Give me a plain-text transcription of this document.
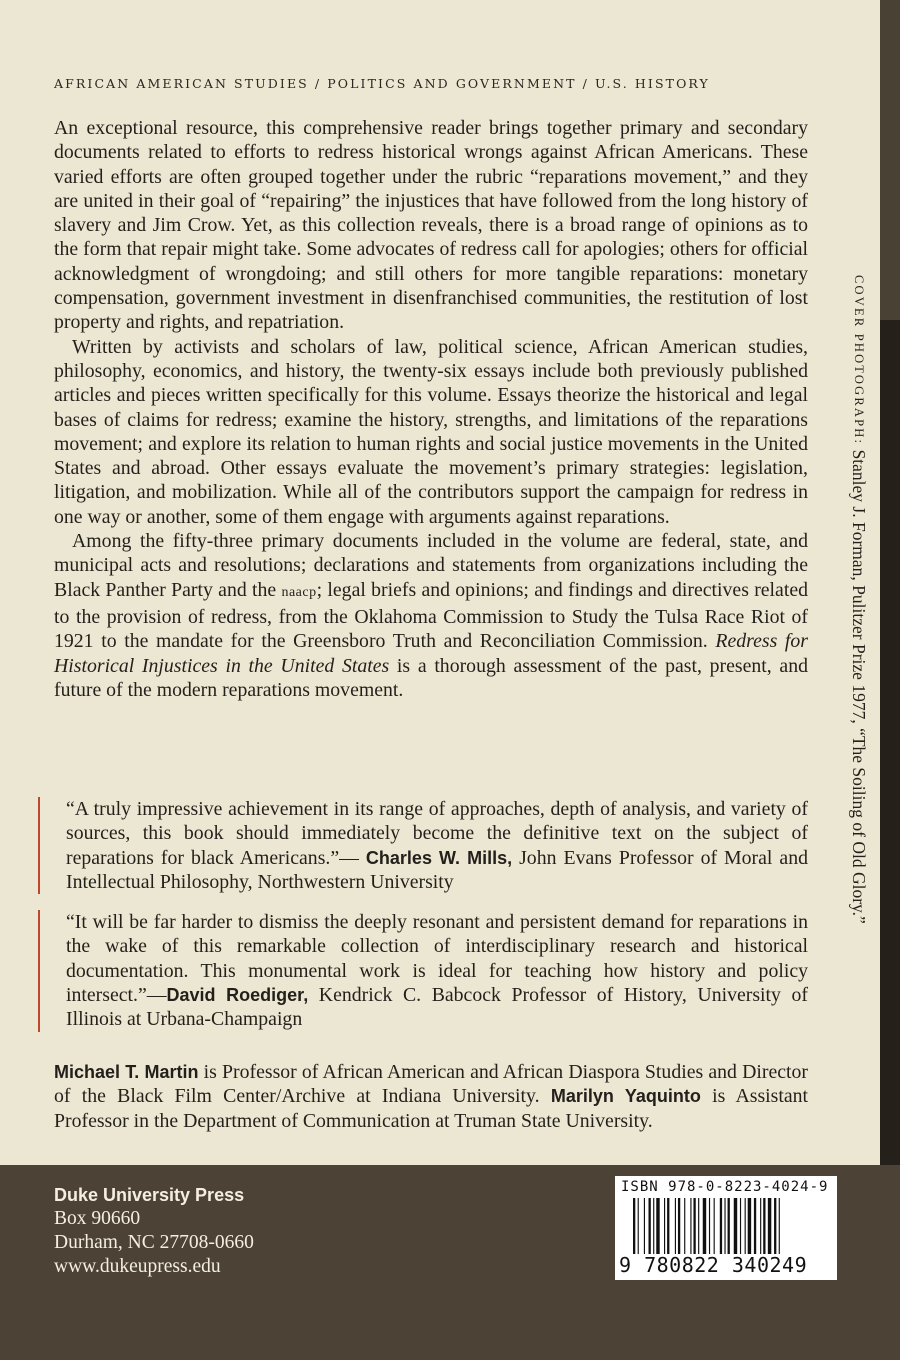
AFRICAN AMERICAN STUDIES / POLITICS AND GOVERNMENT / U.S. HISTORY

An exceptional resource, this comprehensive reader brings together primary and secondary documents related to efforts to redress historical wrongs against African Americans. These varied efforts are often grouped together under the rubric “reparations movement,” and they are united in their goal of “repairing” the injustices that have followed from the long history of slavery and Jim Crow. Yet, as this collection reveals, there is a broad range of opinions as to the form that repair might take. Some advocates of redress call for apologies; others for official acknowledgment of wrongdoing; and still others for more tangible reparations: monetary compensation, government investment in disenfranchised communities, the restitution of lost property and rights, and repatriation.

Written by activists and scholars of law, political science, African American studies, philosophy, economics, and history, the twenty-six essays include both previously published articles and pieces written specifically for this volume. Essays theorize the historical and legal bases of claims for redress; examine the history, strengths, and limitations of the reparations movement; and explore its relation to human rights and social justice movements in the United States and abroad. Other essays evaluate the movement’s primary strategies: legislation, litigation, and mobilization. While all of the contributors support the campaign for redress in one way or another, some of them engage with arguments against reparations.

Among the fifty-three primary documents included in the volume are federal, state, and municipal acts and resolutions; declarations and statements from organizations including the Black Panther Party and the naacp; legal briefs and opinions; and findings and directives related to the provision of redress, from the Oklahoma Commission to Study the Tulsa Race Riot of 1921 to the mandate for the Greensboro Truth and Reconciliation Commission. Redress for Historical Injustices in the United States is a thorough assessment of the past, present, and future of the modern reparations movement.

“A truly impressive achievement in its range of approaches, depth of analysis, and variety of sources, this book should immediately become the definitive text on the subject of reparations for black Americans.”— Charles W. Mills, John Evans Professor of Moral and Intellectual Philosophy, Northwestern University

“It will be far harder to dismiss the deeply resonant and persistent demand for reparations in the wake of this remarkable collection of interdisciplinary research and historical documentation. This monumental work is ideal for teaching how history and policy intersect.”—David Roediger, Kendrick C. Babcock Professor of History, University of Illinois at Urbana-Champaign

Michael T. Martin is Professor of African American and African Diaspora Studies and Director of the Black Film Center/Archive at Indiana University. Marilyn Yaquinto is Assistant Professor in the Department of Communication at Truman State University.
COVER PHOTOGRAPH: Stanley J. Forman, Pulitzer Prize 1977, “The Soiling of Old Glory.”
Duke University Press
Box 90660
Durham, NC 27708-0660
www.dukeupress.edu
ISBN 978-0-8223-4024-9
9 780822 340249
